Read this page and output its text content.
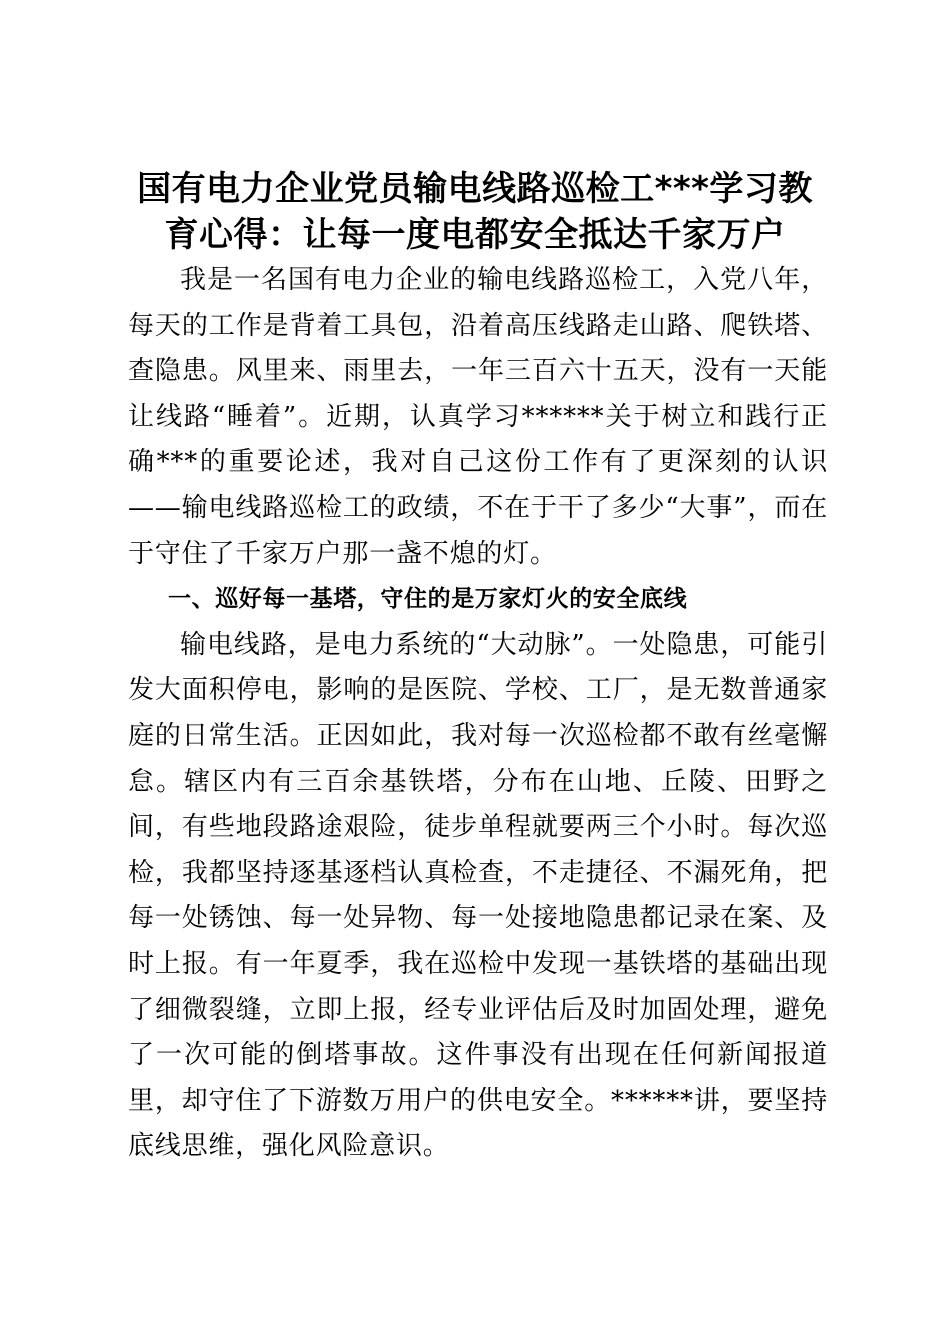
国有电力企业党员输电线路巡检工***学习教
育心得：让每一度电都安全抵达千家万户

我是一名国有电力企业的输电线路巡检工，入党八年，每天的工作是背着工具包，沿着高压线路走山路、爬铁塔、查隐患。风里来、雨里去，一年三百六十五天，没有一天能让线路“睡着”。近期，认真学习******关于树立和践行正确***的重要论述，我对自己这份工作有了更深刻的认识——输电线路巡检工的政绩，不在于干了多少“大事”，而在于守住了千家万户那一盏不熄的灯。

一、巡好每一基塔，守住的是万家灯火的安全底线

输电线路，是电力系统的“大动脉”。一处隐患，可能引发大面积停电，影响的是医院、学校、工厂，是无数普通家庭的日常生活。正因如此，我对每一次巡检都不敢有丝毫懈怠。辖区内有三百余基铁塔，分布在山地、丘陵、田野之间，有些地段路途艰险，徒步单程就要两三个小时。每次巡检，我都坚持逐基逐档认真检查，不走捷径、不漏死角，把每一处锈蚀、每一处异物、每一处接地隐患都记录在案、及时上报。有一年夏季，我在巡检中发现一基铁塔的基础出现了细微裂缝，立即上报，经专业评估后及时加固处理，避免了一次可能的倒塔事故。这件事没有出现在任何新闻报道里，却守住了下游数万用户的供电安全。******讲，要坚持底线思维，强化风险意识。
